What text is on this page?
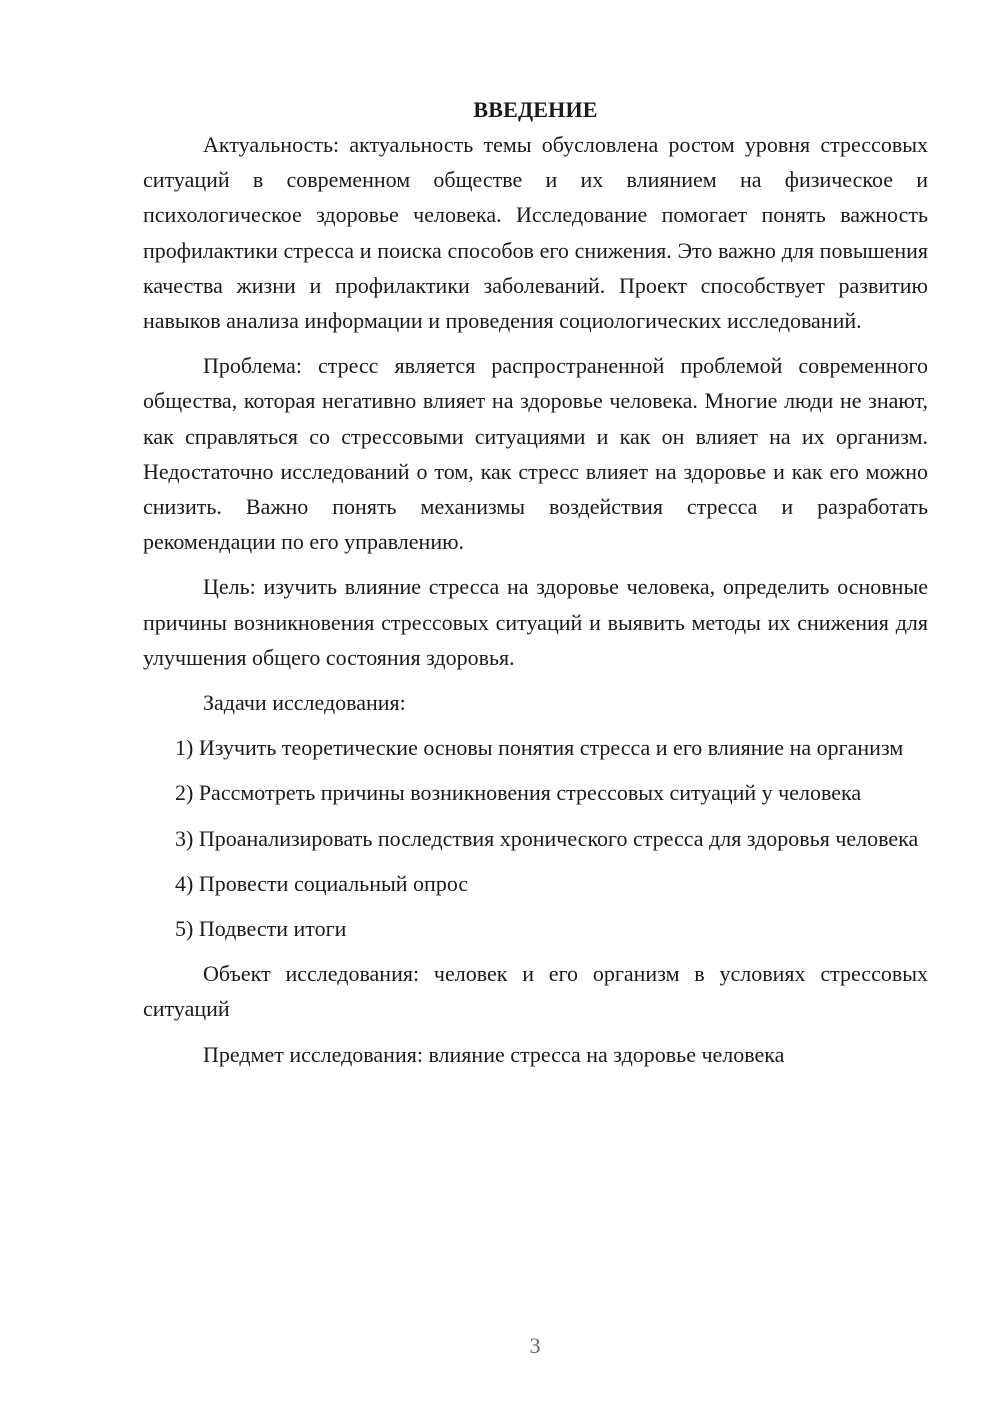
ВВЕДЕНИЕ

Актуальность: актуальность темы обусловлена ростом уровня стрессовых ситуаций в современном обществе и их влиянием на физическое и психологическое здоровье человека. Исследование помогает понять важность профилактики стресса и поиска способов его снижения. Это важно для повышения качества жизни и профилактики заболеваний. Проект способствует развитию навыков анализа информации и проведения социологических исследований.

Проблема: стресс является распространенной проблемой современного общества, которая негативно влияет на здоровье человека. Многие люди не знают, как справляться со стрессовыми ситуациями и как он влияет на их организм. Недостаточно исследований о том, как стресс влияет на здоровье и как его можно снизить. Важно понять механизмы воздействия стресса и разработать рекомендации по его управлению.

Цель: изучить влияние стресса на здоровье человека, определить основные причины возникновения стрессовых ситуаций и выявить методы их снижения для улучшения общего состояния здоровья.

Задачи исследования:

1) Изучить теоретические основы понятия стресса и его влияние на организм

2) Рассмотреть причины возникновения стрессовых ситуаций у человека

3) Проанализировать последствия хронического стресса для здоровья человека

4) Провести социальный опрос

5) Подвести итоги

Объект исследования: человек и его организм в условиях стрессовых ситуаций

Предмет исследования: влияние стресса на здоровье человека

3
